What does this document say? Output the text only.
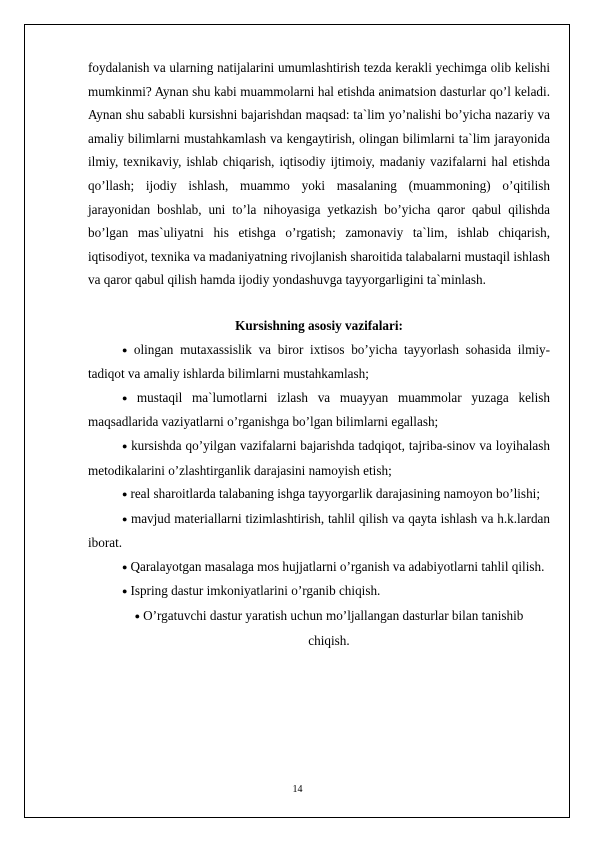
foydalanish va ularning natijalarini umumlashtirish tezda kerakli yechimga olib kelishi mumkinmi? Aynan shu kabi muammolarni hal etishda animatsion dasturlar qo’l keladi. Aynan shu sababli kursishni bajarishdan maqsad: ta`lim yo’nalishi bo’yicha nazariy va amaliy bilimlarni mustahkamlash va kengaytirish, olingan bilimlarni ta`lim jarayonida ilmiy, texnikaviy, ishlab chiqarish, iqtisodiy ijtimoiy, madaniy vazifalarni hal etishda qo’llash; ijodiy ishlash, muammo yoki masalaning (muammoning) o’qitilish jarayonidan boshlab, uni to’la nihoyasiga yetkazish bo’yicha qaror qabul qilishda bo’lgan mas`uliyatni his etishga o’rgatish; zamonaviy ta`lim, ishlab chiqarish, iqtisodiyot, texnika va madaniyatning rivojlanish sharoitida talabalarni mustaqil ishlash va qaror qabul qilish hamda ijodiy yondashuvga tayyorgarligini ta`minlash.

Kursishning asosiy vazifalari:

● olingan mutaxassislik va biror ixtisos bo’yicha tayyorlash sohasida ilmiy-tadiqot va amaliy ishlarda bilimlarni mustahkamlash;

● mustaqil ma`lumotlarni izlash va muayyan muammolar yuzaga kelish maqsadlarida vaziyatlarni o’rganishga bo’lgan bilimlarni egallash;

● kursishda qo’yilgan vazifalarni bajarishda tadqiqot, tajriba-sinov va loyihalash metodikalarini o’zlashtirganlik darajasini namoyish etish;

● real sharoitlarda talabaning ishga tayyorgarlik darajasining namoyon bo’lishi;

● mavjud materiallarni tizimlashtirish, tahlil qilish va qayta ishlash va h.k.lardan iborat.

● Qaralayotgan masalaga mos hujjatlarni o’rganish va adabiyotlarni tahlil qilish.

● Ispring dastur imkoniyatlarini o’rganib chiqish.

● O’rgatuvchi dastur yaratish uchun mo’ljallangan dasturlar bilan tanishib chiqish.

14
